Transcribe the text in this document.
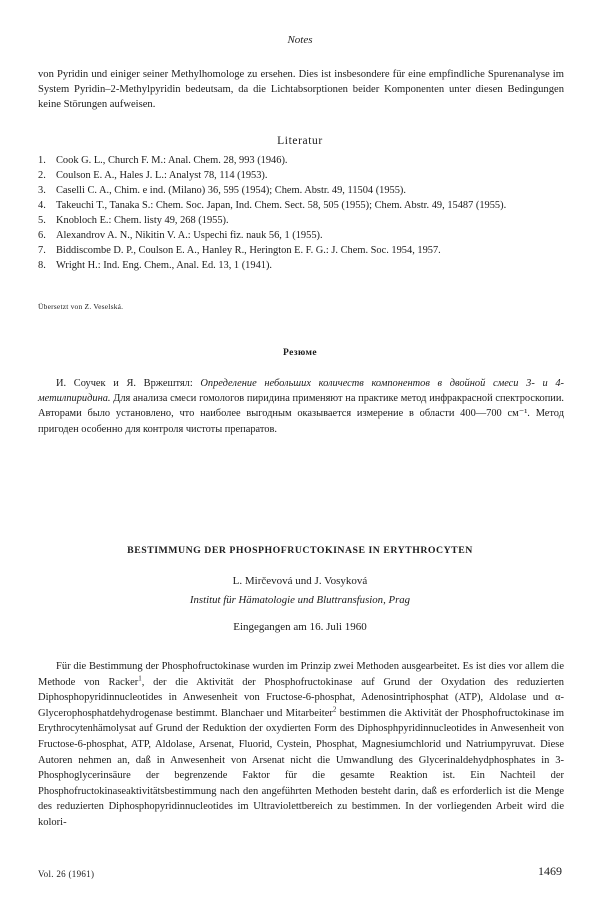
Notes

von Pyridin und einiger seiner Methylhomologe zu ersehen. Dies ist insbesondere für eine empfindliche Spurenanalyse im System Pyridin–2-Methylpyridin bedeutsam, da die Lichtabsorptionen beider Komponenten unter diesen Bedingungen keine Störungen aufweisen.

Literatur
1. Cook G. L., Church F. M.: Anal. Chem. 28, 993 (1946).
2. Coulson E. A., Hales J. L.: Analyst 78, 114 (1953).
3. Caselli C. A., Chim. e ind. (Milano) 36, 595 (1954); Chem. Abstr. 49, 11504 (1955).
4. Takeuchi T., Tanaka S.: Chem. Soc. Japan, Ind. Chem. Sect. 58, 505 (1955); Chem. Abstr. 49, 15487 (1955).
5. Knobloch E.: Chem. listy 49, 268 (1955).
6. Alexandrov A. N., Nikitin V. A.: Uspechi fiz. nauk 56, 1 (1955).
7. Biddiscombe D. P., Coulson E. A., Hanley R., Herington E. F. G.: J. Chem. Soc. 1954, 1957.
8. Wright H.: Ind. Eng. Chem., Anal. Ed. 13, 1 (1941).
Übersetzt von Z. Veselská.
Резюме

И. Соучек и Я. Вржештял: Определение небольших количеств компонентов в двойной смеси 3- и 4-метилпиридина. Для анализа смеси гомологов пиридина применяют на практике метод инфракрасной спектроскопии. Авторами было установлено, что наиболее выгодным оказывается измерение в области 400—700 см⁻¹. Метод пригоден особенно для контроля чистоты препаратов.

BESTIMMUNG DER PHOSPHOFRUCTOKINASE IN ERYTHROCYTEN
L. Mirčevová und J. Vosyková
Institut für Hämatologie und Bluttransfusion, Prag
Eingegangen am 16. Juli 1960

Für die Bestimmung der Phosphofructokinase wurden im Prinzip zwei Methoden ausgearbeitet. Es ist dies vor allem die Methode von Racker$^1$, der die Aktivität der Phosphofructokinase auf Grund der Oxydation des reduzierten Diphosphopyridinnucleotides in Anwesenheit von Fructose-6-phosphat, Adenosintriphosphat (ATP), Aldolase und α-Glycerophosphatdehydrogenase bestimmt. Blanchaer und Mitarbeiter$^2$ bestimmen die Aktivität der Phosphofructokinase im Erythrocytenhämolysat auf Grund der Reduktion der oxydierten Form des Diphosphpyridinnucleotides in Anwesenheit von Fructose-6-phosphat, ATP, Aldolase, Arsenat, Fluorid, Cystein, Phosphat, Magnesiumchlorid und Natriumpyruvat. Diese Autoren nehmen an, daß in Anwesenheit von Arsenat nicht die Umwandlung des Glycerinaldehydphosphates in 3-Phosphoglycerinsäure der begrenzende Faktor für die gesamte Reaktion ist. Ein Nachteil der Phosphofructokinaseaktivitätsbestimmung nach den angeführten Methoden besteht darin, daß es erforderlich ist die Menge des reduzierten Diphosphopyridinnucleotides im Ultraviolettbereich zu bestimmen. In der vorliegenden Arbeit wird die kolori-

Vol. 26 (1961)	1469
